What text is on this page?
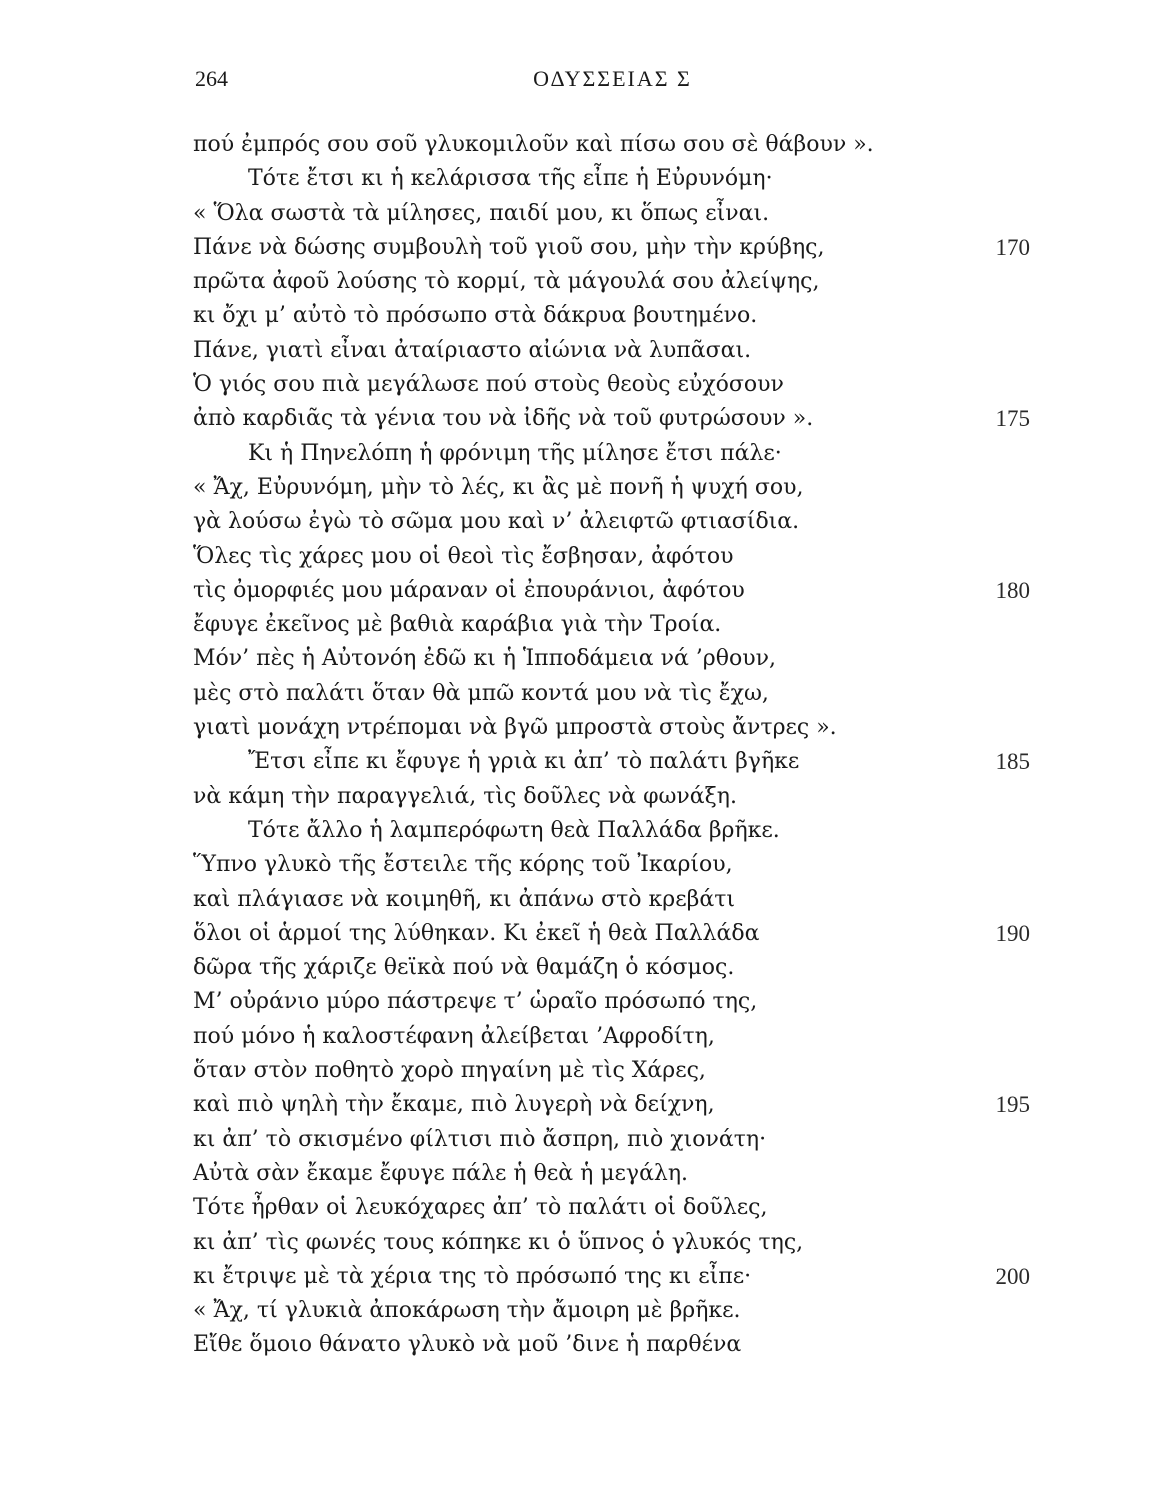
264	ΟΔΥΣΣΕΙΑΣ Σ
πού ἐμπρός σου σοῦ γλυκομιλοῦν καὶ πίσω σου σὲ θάβουν ».
Τότε ἔτσι κι ἡ κελάρισσα τῆς εἶπε ἡ Εὐρυνόμη·
« Ὅλα σωστὰ τὰ μίλησες, παιδί μου, κι ὅπως εἶναι.
Πάνε νὰ δώσης συμβουλὴ τοῦ γιοῦ σου, μὴν τὴν κρύβης,	170
πρῶτα ἀφοῦ λούσης τὸ κορμί, τὰ μάγουλά σου ἀλείψης,
κι ὄχι μ’ αὐτὸ τὸ πρόσωπο στὰ δάκρυα βουτημένο.
Πάνε, γιατὶ εἶναι ἀταίριαστο αἰώνια νὰ λυπᾶσαι.
Ὁ γιός σου πιὰ μεγάλωσε πού στοὺς θεοὺς εὐχόσουν
ἀπὸ καρδιᾶς τὰ γένια του νὰ ἰδῆς νὰ τοῦ φυτρώσουν ».	175
Κι ἡ Πηνελόπη ἡ φρόνιμη τῆς μίλησε ἔτσι πάλε·
« Ἄχ, Εὐρυνόμη, μὴν τὸ λές, κι ἂς μὲ πονῆ ἡ ψυχή σου,
γὰ λούσω ἐγὼ τὸ σῶμα μου καὶ ν’ ἀλειφτῶ φτιασίδια.
Ὅλες τὶς χάρες μου οἱ θεοὶ τὶς ἔσβησαν, ἀφότου
τὶς ὀμορφιές μου μάραναν οἱ ἐπουράνιοι, ἀφότου	180
ἔφυγε ἐκεῖνος μὲ βαθιὰ καράβια γιὰ τὴν Τροία.
Μόν’ πὲς ἡ Αὐτονόη ἐδῶ κι ἡ Ἱπποδάμεια νά ’ρθουν,
μὲς στὸ παλάτι ὅταν θὰ μπῶ κοντά μου νὰ τὶς ἔχω,
γιατὶ μονάχη ντρέπομαι νὰ βγῶ μπροστὰ στοὺς ἄντρες ».
Ἔτσι εἶπε κι ἔφυγε ἡ γριὰ κι ἀπ’ τὸ παλάτι βγῆκε	185
νὰ κάμη τὴν παραγγελιά, τὶς δοῦλες νὰ φωνάξη.
Τότε ἄλλο ἡ λαμπερόφωτη θεὰ Παλλάδα βρῆκε.
Ὕπνο γλυκὸ τῆς ἔστειλε τῆς κόρης τοῦ Ἰκαρίου,
καὶ πλάγιασε νὰ κοιμηθῆ, κι ἀπάνω στὸ κρεβάτι
ὅλοι οἱ ἁρμοί της λύθηκαν. Κι ἐκεῖ ἡ θεὰ Παλλάδα	190
δῶρα τῆς χάριζε θεϊκὰ πού νὰ θαμάζη ὁ κόσμος.
Μ’ οὐράνιο μύρο πάστρεψε τ’ ὡραῖο πρόσωπό της,
πού μόνο ἡ καλοστέφανη ἀλείβεται ’Αφροδίτη,
ὅταν στὸν ποθητὸ χορὸ πηγαίνη μὲ τὶς Χάρες,
καὶ πιὸ ψηλὴ τὴν ἔκαμε, πιὸ λυγερὴ νὰ δείχνη,	195
κι ἀπ’ τὸ σκισμένο φίλτισι πιὸ ἄσπρη, πιὸ χιονάτη·
Αὐτὰ σὰν ἔκαμε ἔφυγε πάλε ἡ θεὰ ἡ μεγάλη.
Τότε ἦρθαν οἱ λευκόχαρες ἀπ’ τὸ παλάτι οἱ δοῦλες,
κι ἀπ’ τὶς φωνές τους κόπηκε κι ὁ ὕπνος ὁ γλυκός της,
κι ἔτριψε μὲ τὰ χέρια της τὸ πρόσωπό της κι εἶπε·	200
« Ἄχ, τί γλυκιὰ ἀποκάρωση τὴν ἄμοιρη μὲ βρῆκε.
Εἴθε ὅμοιο θάνατο γλυκὸ νὰ μοῦ ’δινε ἡ παρθένα
